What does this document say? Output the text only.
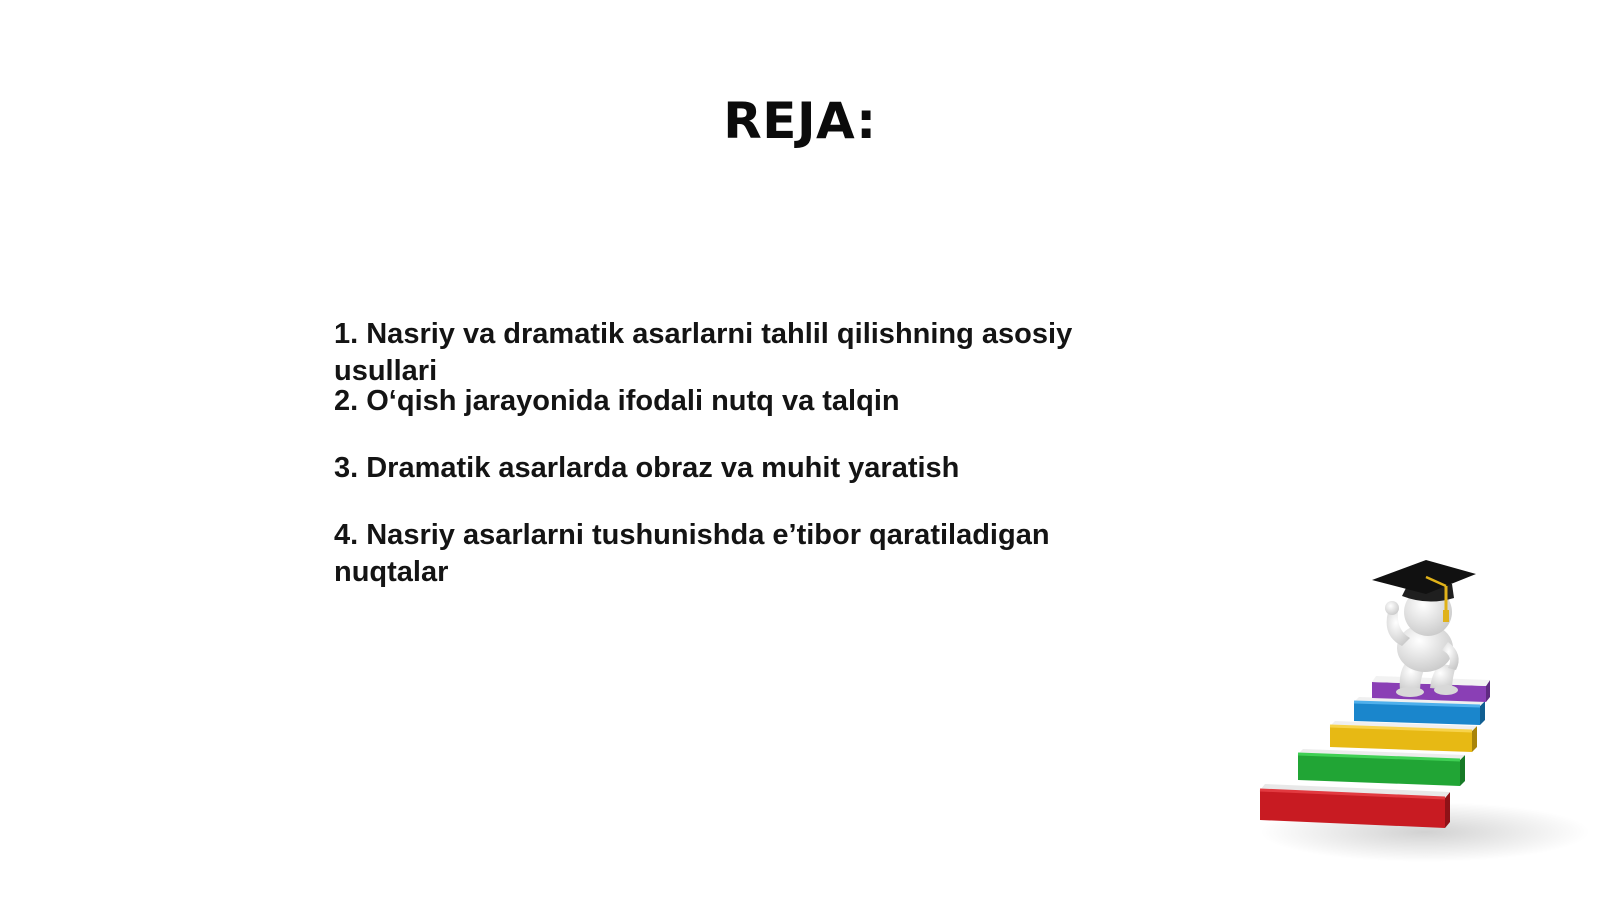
REJA:
1. Nasriy va dramatik asarlarni tahlil qilishning asosiy usullari
2. O‘qish jarayonida ifodali nutq va talqin
3. Dramatik asarlarda obraz va muhit yaratish
4. Nasriy asarlarni tushunishda e’tibor qaratiladigan nuqtalar
